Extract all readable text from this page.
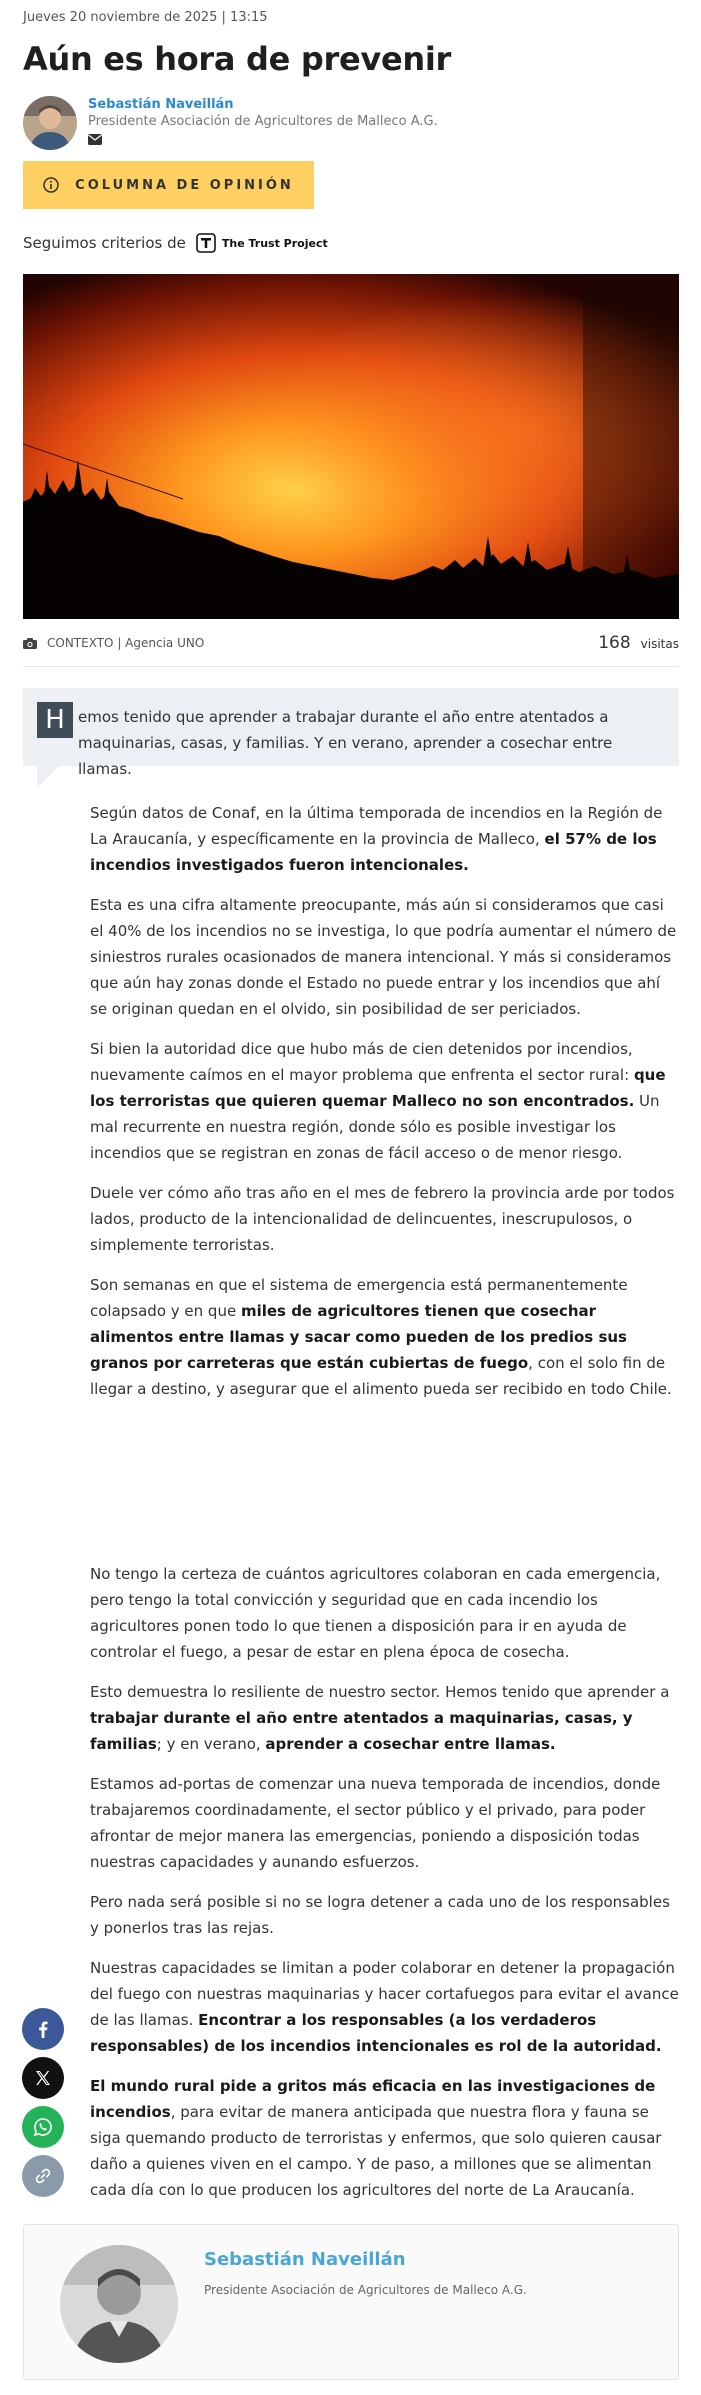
Jueves 20 noviembre de 2025 | 13:15
Aún es hora de prevenir
Sebastián Naveillán
Presidente Asociación de Agricultores de Malleco A.G.
COLUMNA DE OPINIÓN
Seguimos criterios de	The Trust Project
CONTEXTO | Agencia UNO	168 visitas
H emos tenido que aprender a trabajar durante el año entre atentados a maquinarias, casas, y familias. Y en verano, aprender a cosechar entre llamas.

Según datos de Conaf, en la última temporada de incendios en la Región de La Araucanía, y específicamente en la provincia de Malleco, el 57% de los incendios investigados fueron intencionales.

Esta es una cifra altamente preocupante, más aún si consideramos que casi el 40% de los incendios no se investiga, lo que podría aumentar el número de siniestros rurales ocasionados de manera intencional. Y más si consideramos que aún hay zonas donde el Estado no puede entrar y los incendios que ahí se originan quedan en el olvido, sin posibilidad de ser periciados.

Si bien la autoridad dice que hubo más de cien detenidos por incendios, nuevamente caímos en el mayor problema que enfrenta el sector rural: que los terroristas que quieren quemar Malleco no son encontrados. Un mal recurrente en nuestra región, donde sólo es posible investigar los incendios que se registran en zonas de fácil acceso o de menor riesgo.

Duele ver cómo año tras año en el mes de febrero la provincia arde por todos lados, producto de la intencionalidad de delincuentes, inescrupulosos, o simplemente terroristas.

Son semanas en que el sistema de emergencia está permanentemente colapsado y en que miles de agricultores tienen que cosechar alimentos entre llamas y sacar como pueden de los predios sus granos por carreteras que están cubiertas de fuego, con el solo fin de llegar a destino, y asegurar que el alimento pueda ser recibido en todo Chile.

No tengo la certeza de cuántos agricultores colaboran en cada emergencia, pero tengo la total convicción y seguridad que en cada incendio los agricultores ponen todo lo que tienen a disposición para ir en ayuda de controlar el fuego, a pesar de estar en plena época de cosecha.

Esto demuestra lo resiliente de nuestro sector. Hemos tenido que aprender a trabajar durante el año entre atentados a maquinarias, casas, y familias; y en verano, aprender a cosechar entre llamas.

Estamos ad-portas de comenzar una nueva temporada de incendios, donde trabajaremos coordinadamente, el sector público y el privado, para poder afrontar de mejor manera las emergencias, poniendo a disposición todas nuestras capacidades y aunando esfuerzos.

Pero nada será posible si no se logra detener a cada uno de los responsables y ponerlos tras las rejas.

Nuestras capacidades se limitan a poder colaborar en detener la propagación del fuego con nuestras maquinarias y hacer cortafuegos para evitar el avance de las llamas. Encontrar a los responsables (a los verdaderos responsables) de los incendios intencionales es rol de la autoridad.

El mundo rural pide a gritos más eficacia en las investigaciones de incendios, para evitar de manera anticipada que nuestra flora y fauna se siga quemando producto de terroristas y enfermos, que solo quieren causar daño a quienes viven en el campo. Y de paso, a millones que se alimentan cada día con lo que producen los agricultores del norte de La Araucanía.

Sebastián Naveillán
Presidente Asociación de Agricultores de Malleco A.G.
